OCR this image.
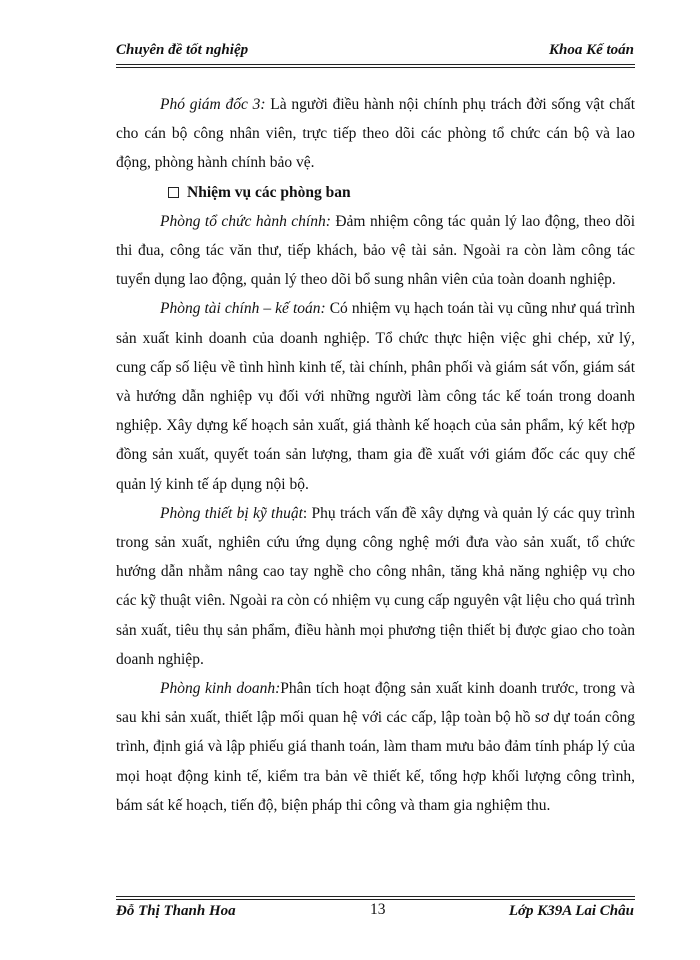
Chuyên đề tốt nghiệp	Khoa Kế toán

Phó giám đốc 3: Là người điều hành nội chính phụ trách đời sống vật chất cho cán bộ công nhân viên, trực tiếp theo dõi các phòng tổ chức cán bộ và lao động, phòng hành chính bảo vệ.

Nhiệm vụ các phòng ban

Phòng tổ chức hành chính: Đảm nhiệm công tác quản lý lao động, theo dõi thi đua, công tác văn thư, tiếp khách, bảo vệ tài sản. Ngoài ra còn làm công tác tuyển dụng lao động, quản lý theo dõi bổ sung nhân viên của toàn doanh nghiệp.

Phòng tài chính – kế toán: Có nhiệm vụ hạch toán tài vụ cũng như quá trình sản xuất kinh doanh của doanh nghiệp. Tổ chức thực hiện việc ghi chép, xử lý, cung cấp số liệu về tình hình kinh tế, tài chính, phân phối và giám sát vốn, giám sát và hướng dẫn nghiệp vụ đối với những người làm công tác kế toán trong doanh nghiệp. Xây dựng kế hoạch sản xuất, giá thành kế hoạch của sản phẩm, ký kết hợp đồng sản xuất, quyết toán sản lượng, tham gia đề xuất với giám đốc các quy chế quản lý kinh tế áp dụng nội bộ.

Phòng thiết bị kỹ thuật: Phụ trách vấn đề xây dựng và quản lý các quy trình trong sản xuất, nghiên cứu ứng dụng công nghệ mới đưa vào sản xuất, tổ chức hướng dẫn nhằm nâng cao tay nghề cho công nhân, tăng khả năng nghiệp vụ cho các kỹ thuật viên. Ngoài ra còn có nhiệm vụ cung cấp nguyên vật liệu cho quá trình sản xuất, tiêu thụ sản phẩm, điều hành mọi phương tiện thiết bị được giao cho toàn doanh nghiệp.

Phòng kinh doanh:Phân tích hoạt động sản xuất kinh doanh trước, trong và sau khi sản xuất, thiết lập mối quan hệ với các cấp, lập toàn bộ hồ sơ dự toán công trình, định giá và lập phiếu giá thanh toán, làm tham mưu bảo đảm tính pháp lý của mọi hoạt động kinh tế, kiểm tra bản vẽ thiết kế, tổng hợp khối lượng công trình, bám sát kế hoạch, tiến độ, biện pháp thi công và tham gia nghiệm thu.

Đỗ Thị Thanh Hoa	13	Lớp K39A Lai Châu
